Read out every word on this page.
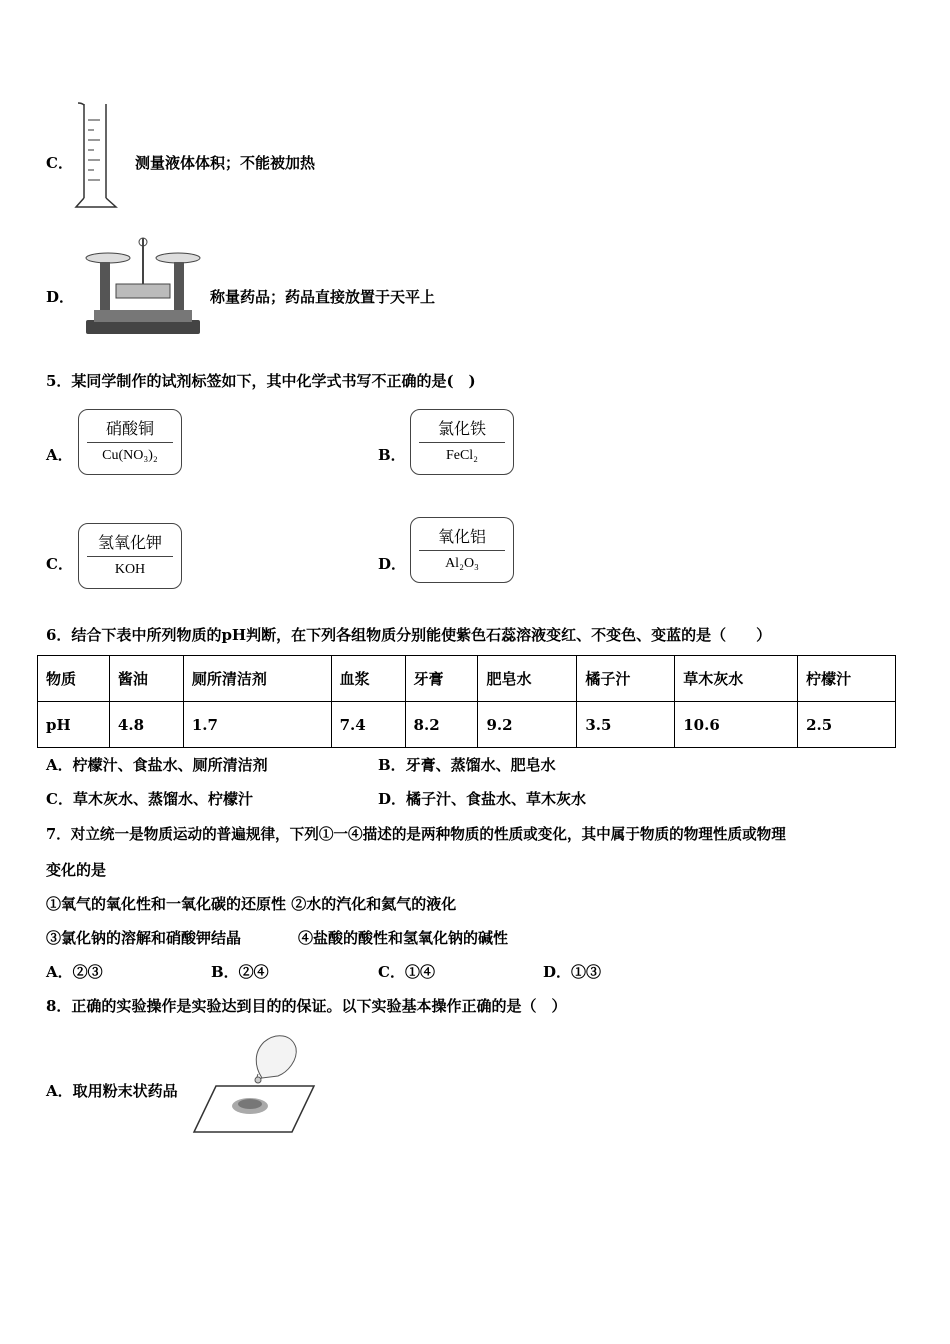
C．	测量液体体积；不能被加热
D．	称量药品；药品直接放置于天平上
5．某同学制作的试剂标签如下，其中化学式书写不正确的是(　)
A．
硝酸铜
Cu(NO₃)₂	B．
氯化铁
FeCl₂
C．
氢氧化钾
KOH	D．
氧化铝
Al₂O₃
6．结合下表中所列物质的pH判断，在下列各组物质分别能使紫色石蕊溶液变红、不变色、变蓝的是（　　）
物质	酱油	厕所清洁剂	血浆	牙膏	肥皂水	橘子汁	草木灰水	柠檬汁
pH	4.8	1.7	7.4	8.2	9.2	3.5	10.6	2.5
A．柠檬汁、食盐水、厕所清洁剂	B．牙膏、蒸馏水、肥皂水
C．草木灰水、蒸馏水、柠檬汁	D．橘子汁、食盐水、草木灰水
7．对立统一是物质运动的普遍规律，下列①一④描述的是两种物质的性质或变化，其中属于物质的物理性质或物理
变化的是
①氧气的氧化性和一氧化碳的还原性 ②水的汽化和氦气的液化
③氯化钠的溶解和硝酸钾结晶	④盐酸的酸性和氢氧化钠的碱性
A．②③	B．②④	C．①④	D．①③
8．正确的实验操作是实验达到目的的保证。以下实验基本操作正确的是（　）
A．取用粉末状药品
